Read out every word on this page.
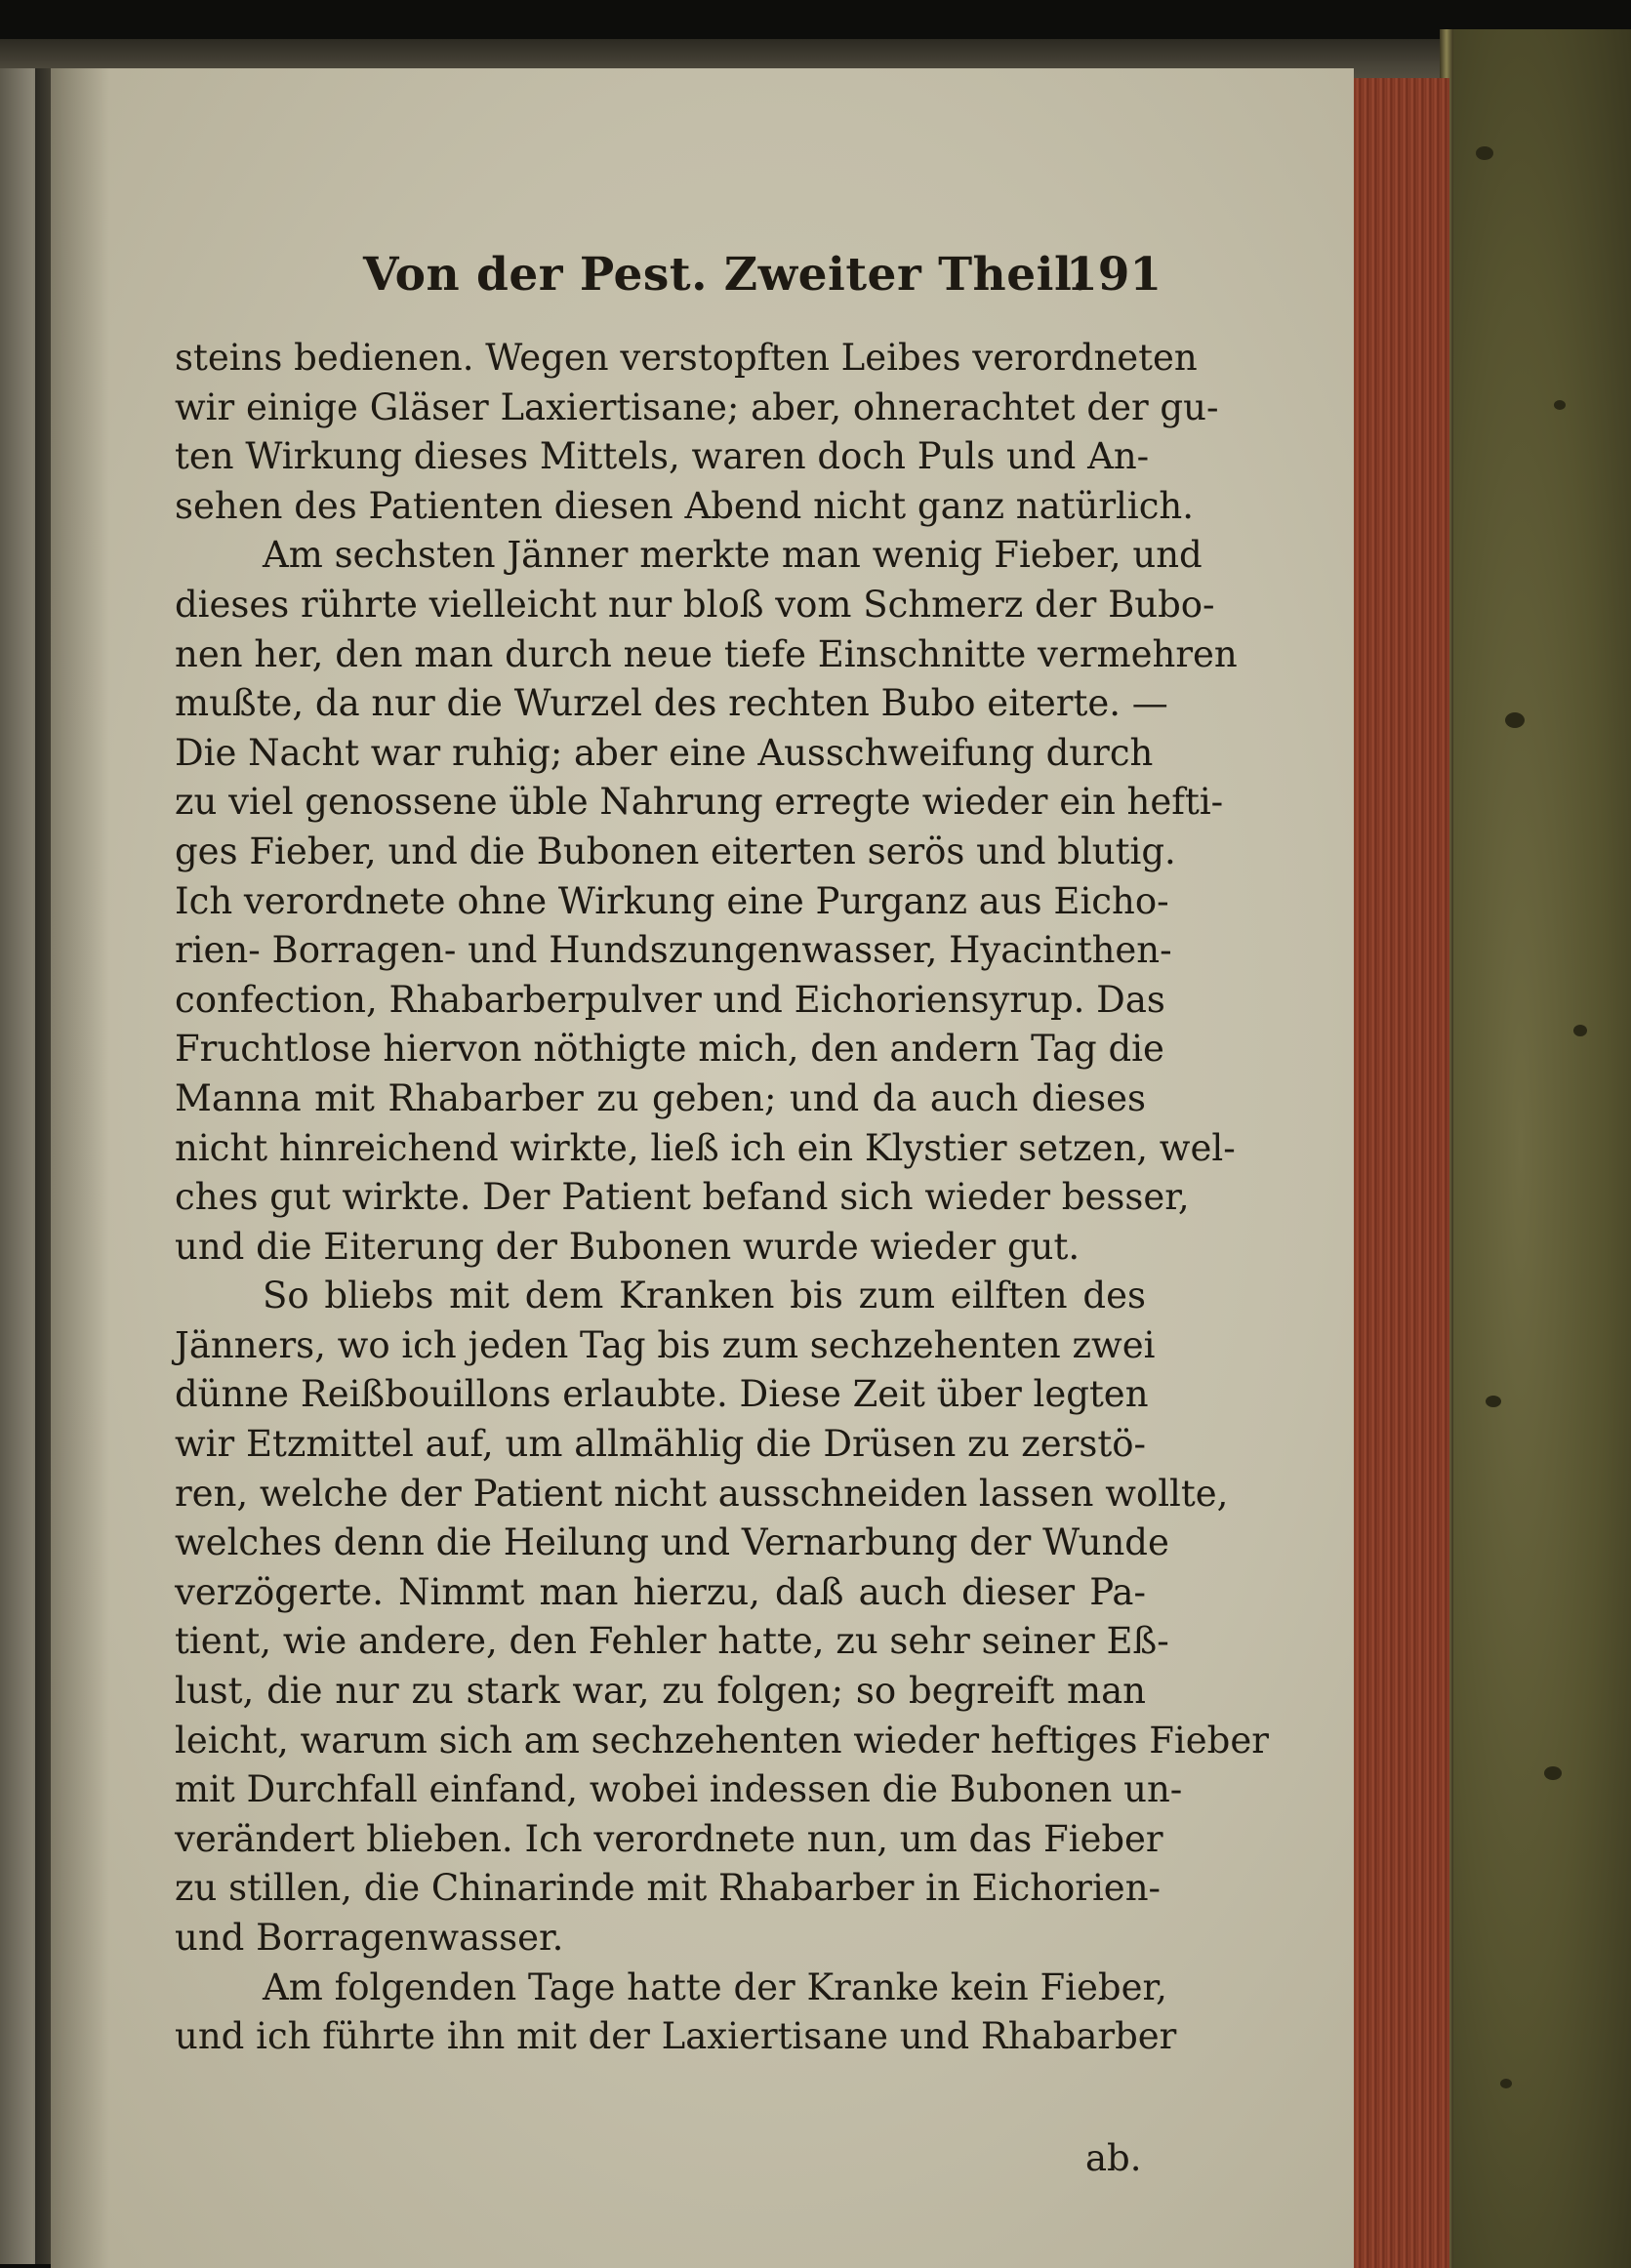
Von der Pest. Zweiter Theil.
191
steins bedienen. Wegen verstopften Leibes verordneten
wir einige Gläser Laxiertisane; aber, ohnerachtet der gu-
ten Wirkung dieses Mittels, waren doch Puls und An-
sehen des Patienten diesen Abend nicht ganz natürlich.
Am sechsten Jänner merkte man wenig Fieber, und
dieses rührte vielleicht nur bloß vom Schmerz der Bubo-
nen her, den man durch neue tiefe Einschnitte vermehren
mußte, da nur die Wurzel des rechten Bubo eiterte. —
Die Nacht war ruhig; aber eine Ausschweifung durch
zu viel genossene üble Nahrung erregte wieder ein hefti-
ges Fieber, und die Bubonen eiterten serös und blutig.
Ich verordnete ohne Wirkung eine Purganz aus Eicho-
rien- Borragen- und Hundszungenwasser, Hyacinthen-
confection, Rhabarberpulver und Eichoriensyrup. Das
Fruchtlose hiervon nöthigte mich, den andern Tag die
Manna mit Rhabarber zu geben; und da auch dieses
nicht hinreichend wirkte, ließ ich ein Klystier setzen, wel-
ches gut wirkte. Der Patient befand sich wieder besser,
und die Eiterung der Bubonen wurde wieder gut.
So bliebs mit dem Kranken bis zum eilften des
Jänners, wo ich jeden Tag bis zum sechzehenten zwei
dünne Reißbouillons erlaubte. Diese Zeit über legten
wir Etzmittel auf, um allmählig die Drüsen zu zerstö-
ren, welche der Patient nicht ausschneiden lassen wollte,
welches denn die Heilung und Vernarbung der Wunde
verzögerte. Nimmt man hierzu, daß auch dieser Pa-
tient, wie andere, den Fehler hatte, zu sehr seiner Eß-
lust, die nur zu stark war, zu folgen; so begreift man
leicht, warum sich am sechzehenten wieder heftiges Fieber
mit Durchfall einfand, wobei indessen die Bubonen un-
verändert blieben. Ich verordnete nun, um das Fieber
zu stillen, die Chinarinde mit Rhabarber in Eichorien-
und Borragenwasser.
Am folgenden Tage hatte der Kranke kein Fieber,
und ich führte ihn mit der Laxiertisane und Rhabarber
ab.
